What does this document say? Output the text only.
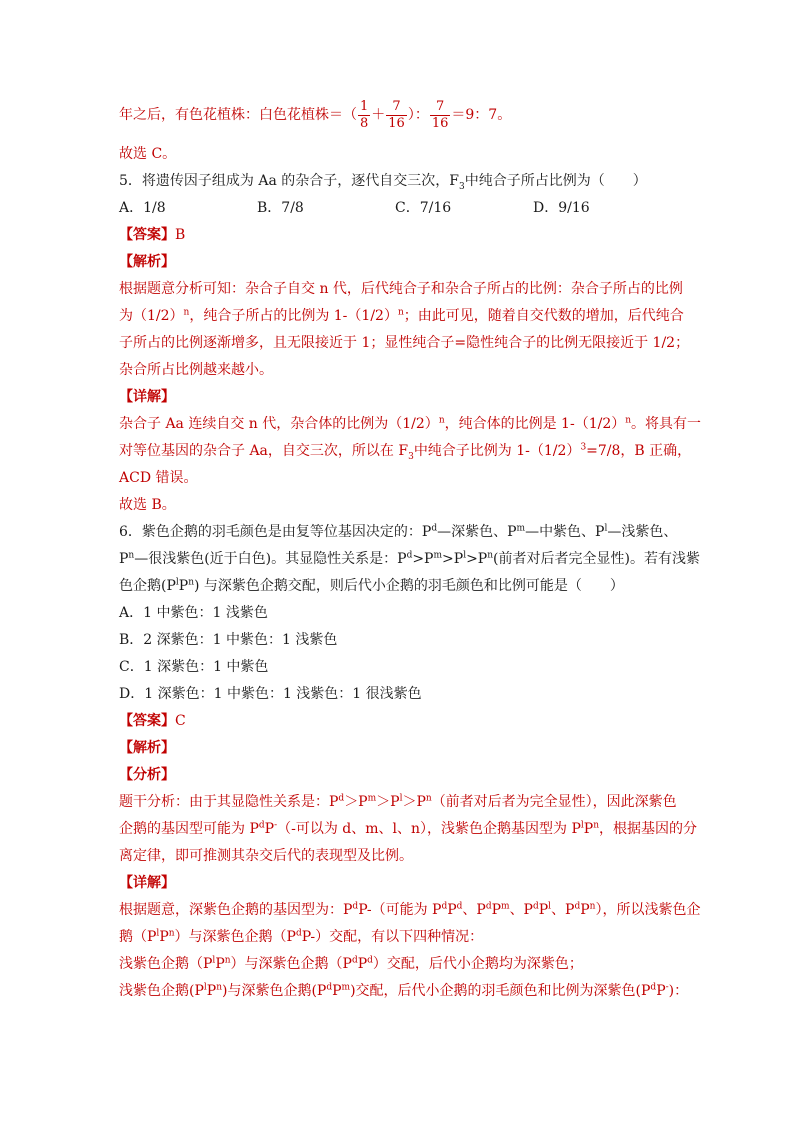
年之后，有色花植株：白色花植株＝（ $\frac{1}{8} + \frac{7}{16}$ ）： $\frac{7}{16} =9$：7。
故选 C。
5．将遗传因子组成为 Aa 的杂合子，逐代自交三次，$F_3$中纯合子所占比例为（　　）
A．1/8	B．7/8	C．7/16	D．9/16
【答案】B
【解析】
根据题意分析可知：杂合子自交 n 代，后代纯合子和杂合子所占的比例：杂合子所占的比例
为$(1/2)^n$，纯合子所占的比例为 $1-(1/2)^n$；由此可见，随着自交代数的增加，后代纯合
子所占的比例逐渐增多，且无限接近于 1；显性纯合子=隐性纯合子的比例无限接近于 1/2；
杂合所占比例越来越小。
【详解】
杂合子 Aa 连续自交 n 代，杂合体的比例为$(1/2)^n$，纯合体的比例是 $1-(1/2)^n$。将具有一
对等位基因的杂合子 Aa，自交三次，所以在 $F_3$中纯合子比例为 $1-(1/2)^3=7/8$，B 正确，
ACD 错误。
故选 B。
6．紫色企鹅的羽毛颜色是由复等位基因决定的：$P^d—$深紫色、$P^m—$中紫色、$P^l—$浅紫色、
$P^n—$很浅紫色(近于白色)。其显隐性关系是：$P^d>P^m>P^l>P^n$(前者对后者完全显性)。若有浅紫
色企鹅$(P^lP^n)$ 与深紫色企鹅交配，则后代小企鹅的羽毛颜色和比例可能是（　　）
A．1 中紫色：1 浅紫色
B．2 深紫色：1 中紫色：1 浅紫色
C．1 深紫色：1 中紫色
D．1 深紫色：1 中紫色：1 浅紫色：1 很浅紫色
【答案】C
【解析】
【分析】
题干分析：由于其显隐性关系是：$P^d>P^m>P^l>P^n$（前者对后者为完全显性），因此深紫色
企鹅的基因型可能为 $P^dP^-(-$可以为 d、m、l、n），浅紫色企鹅基因型为 $P^lP^n$，根据基因的分
离定律，即可推测其杂交后代的表现型及比例。
【详解】
根据题意，深紫色企鹅的基因型为：$P^dP-$（可能为 $P^dP^d$、$P^dP^m$、$P^dP^l$、$P^dP^n$），所以浅紫色企
鹅$(P^lP^n)$与深紫色企鹅$(P^dP-)$交配，有以下四种情况：
浅紫色企鹅$(P^lP^n)$与深紫色企鹅$(P^dP^d)$交配，后代小企鹅均为深紫色；
浅紫色企鹅$(P^lP^n)$与深紫色企鹅$(P^dP^m)$交配，后代小企鹅的羽毛颜色和比例为深紫色$(P^dP^-)$：
